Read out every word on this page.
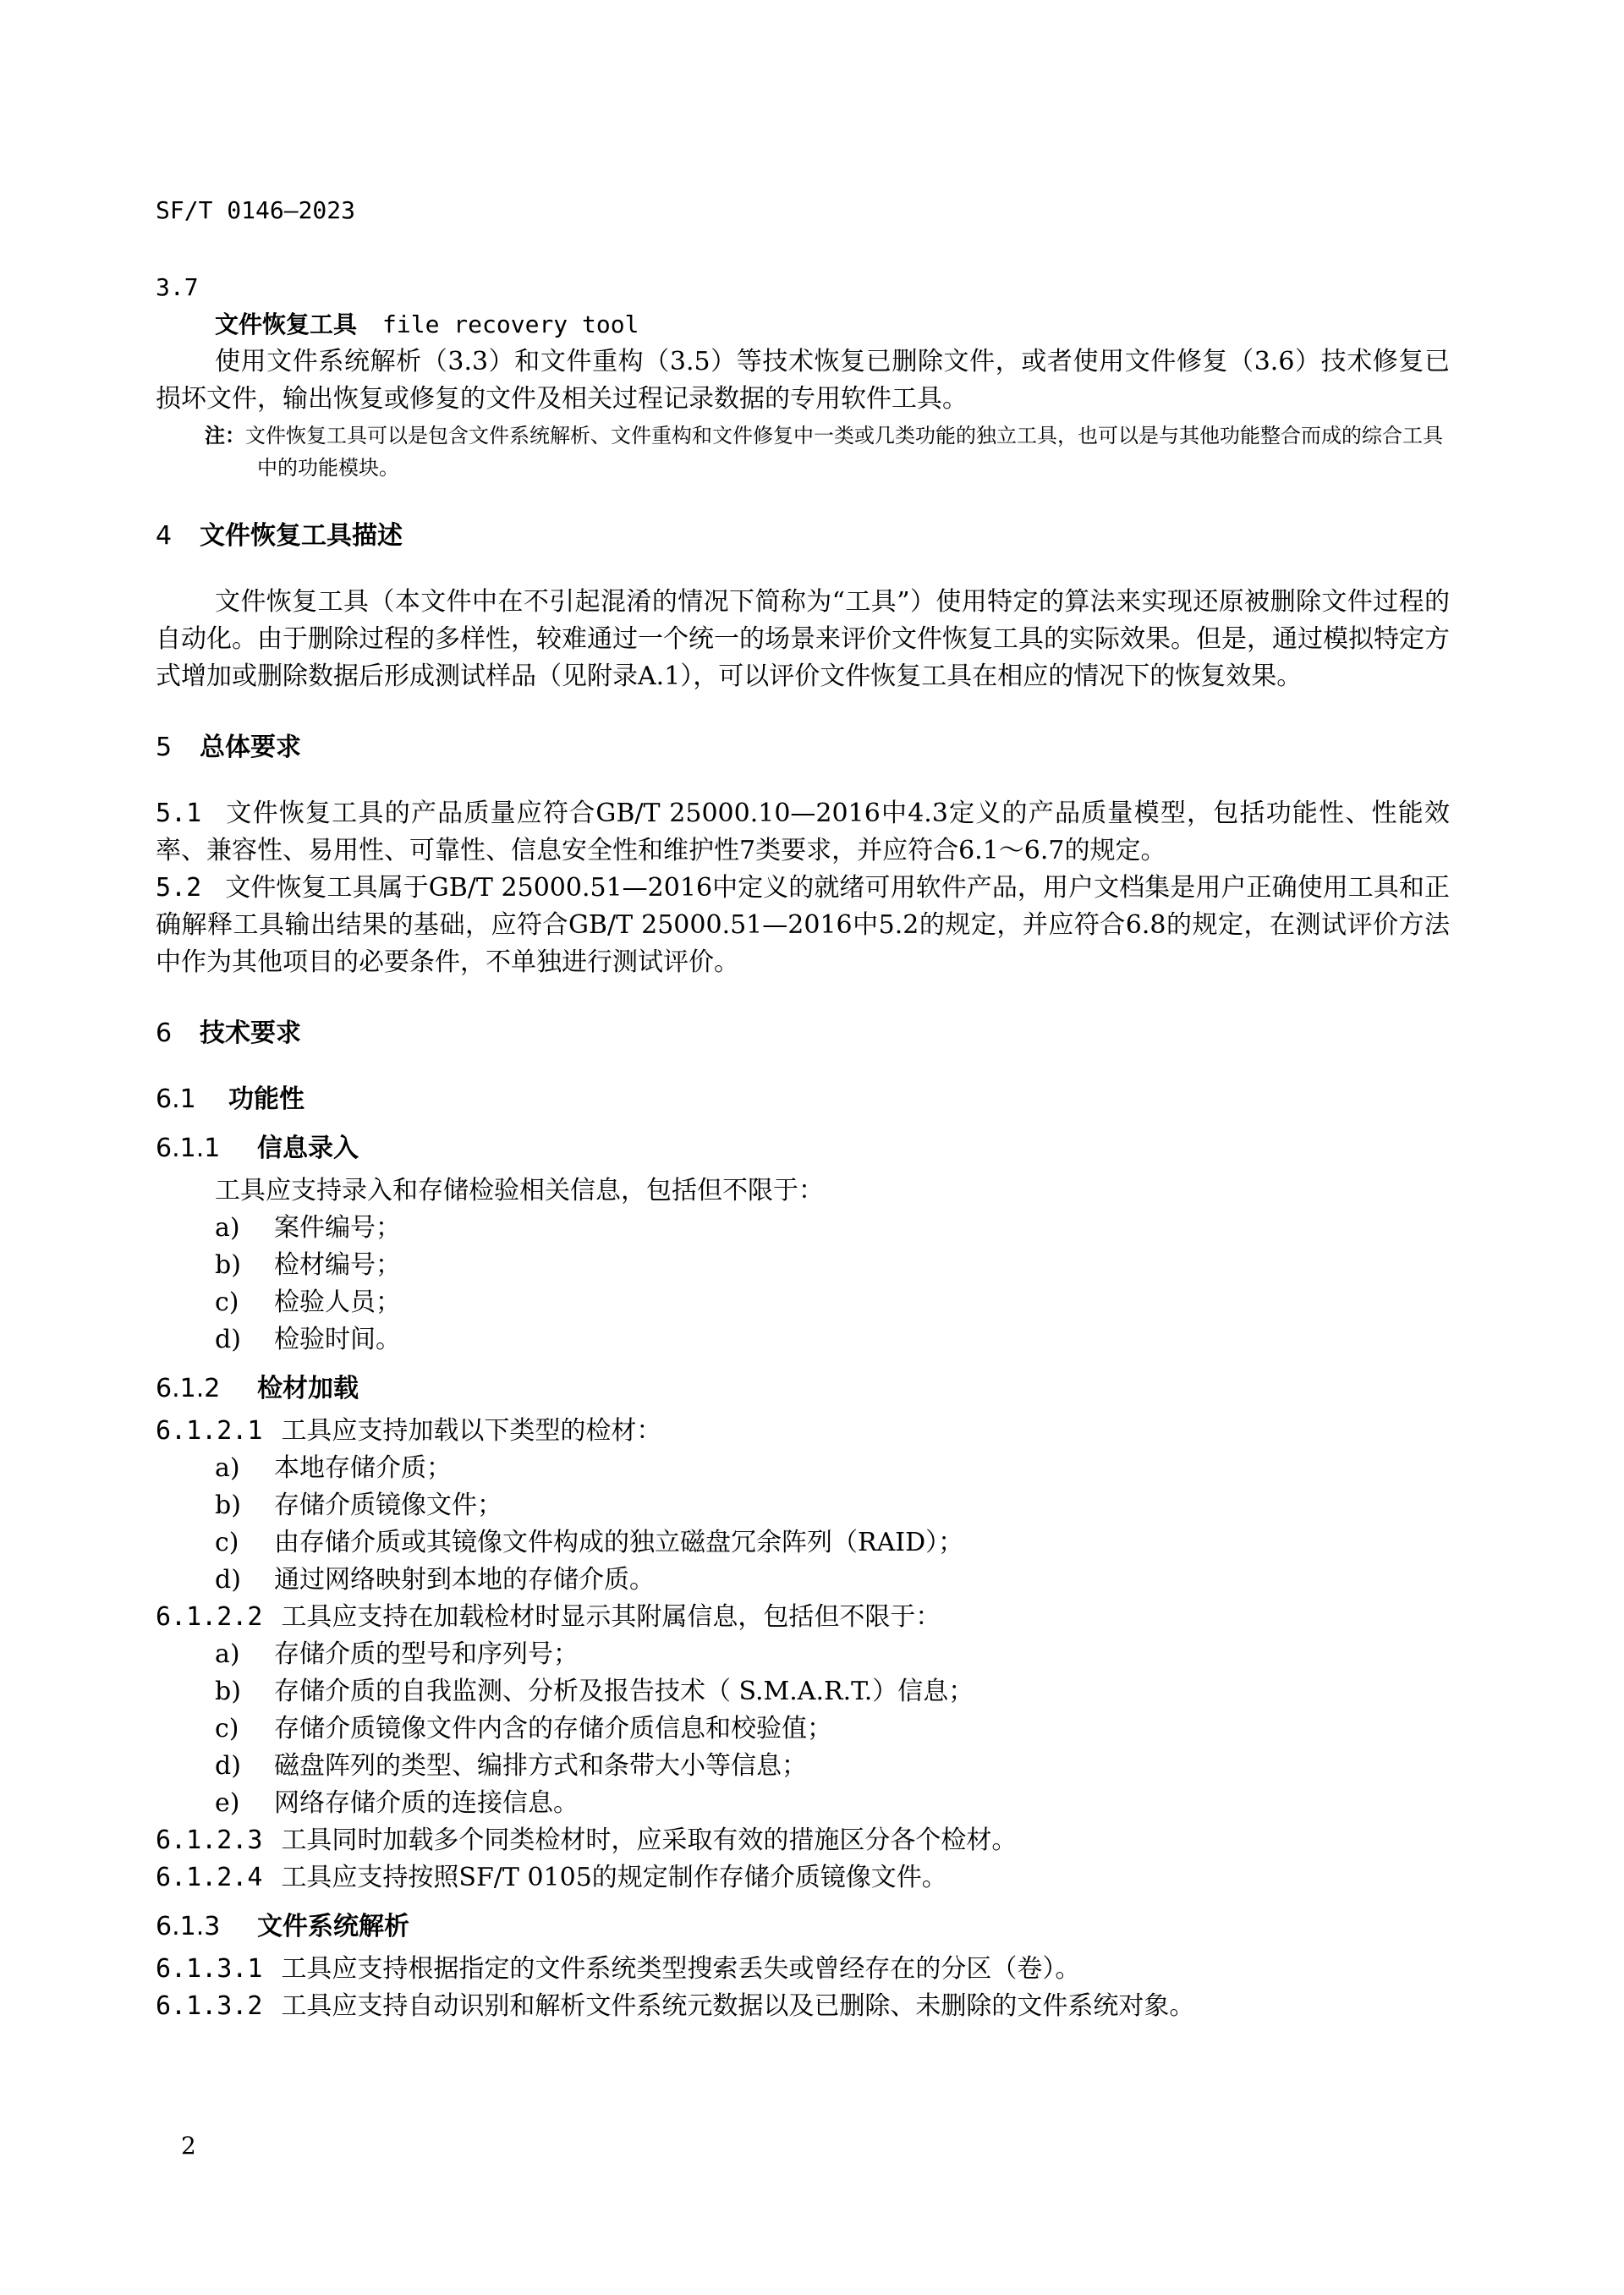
SF/T 0146—2023

3.7

文件恢复工具 file recovery tool

使用文件系统解析（3.3）和文件重构（3.5）等技术恢复已删除文件，或者使用文件修复（3.6）技术修复已损坏文件，输出恢复或修复的文件及相关过程记录数据的专用软件工具。

注：文件恢复工具可以是包含文件系统解析、文件重构和文件修复中一类或几类功能的独立工具，也可以是与其他功能整合而成的综合工具中的功能模块。

4 文件恢复工具描述

文件恢复工具（本文件中在不引起混淆的情况下简称为“工具”）使用特定的算法来实现还原被删除文件过程的自动化。由于删除过程的多样性，较难通过一个统一的场景来评价文件恢复工具的实际效果。但是，通过模拟特定方式增加或删除数据后形成测试样品（见附录A.1），可以评价文件恢复工具在相应的情况下的恢复效果。

5 总体要求

5.1 文件恢复工具的产品质量应符合GB/T 25000.10—2016中4.3定义的产品质量模型，包括功能性、性能效率、兼容性、易用性、可靠性、信息安全性和维护性7类要求，并应符合6.1～6.7的规定。

5.2 文件恢复工具属于GB/T 25000.51—2016中定义的就绪可用软件产品，用户文档集是用户正确使用工具和正确解释工具输出结果的基础，应符合GB/T 25000.51—2016中5.2的规定，并应符合6.8的规定，在测试评价方法中作为其他项目的必要条件，不单独进行测试评价。

6 技术要求

6.1 功能性

6.1.1 信息录入

工具应支持录入和存储检验相关信息，包括但不限于：

a) 案件编号；
b) 检材编号；
c) 检验人员；
d) 检验时间。

6.1.2 检材加载

6.1.2.1 工具应支持加载以下类型的检材：

a) 本地存储介质；
b) 存储介质镜像文件；
c) 由存储介质或其镜像文件构成的独立磁盘冗余阵列（RAID）；
d) 通过网络映射到本地的存储介质。

6.1.2.2 工具应支持在加载检材时显示其附属信息，包括但不限于：

a) 存储介质的型号和序列号；
b) 存储介质的自我监测、分析及报告技术（ S.M.A.R.T.）信息；
c) 存储介质镜像文件内含的存储介质信息和校验值；
d) 磁盘阵列的类型、编排方式和条带大小等信息；
e) 网络存储介质的连接信息。

6.1.2.3 工具同时加载多个同类检材时，应采取有效的措施区分各个检材。

6.1.2.4 工具应支持按照SF/T 0105的规定制作存储介质镜像文件。

6.1.3 文件系统解析

6.1.3.1 工具应支持根据指定的文件系统类型搜索丢失或曾经存在的分区（卷）。

6.1.3.2 工具应支持自动识别和解析文件系统元数据以及已删除、未删除的文件系统对象。

2
